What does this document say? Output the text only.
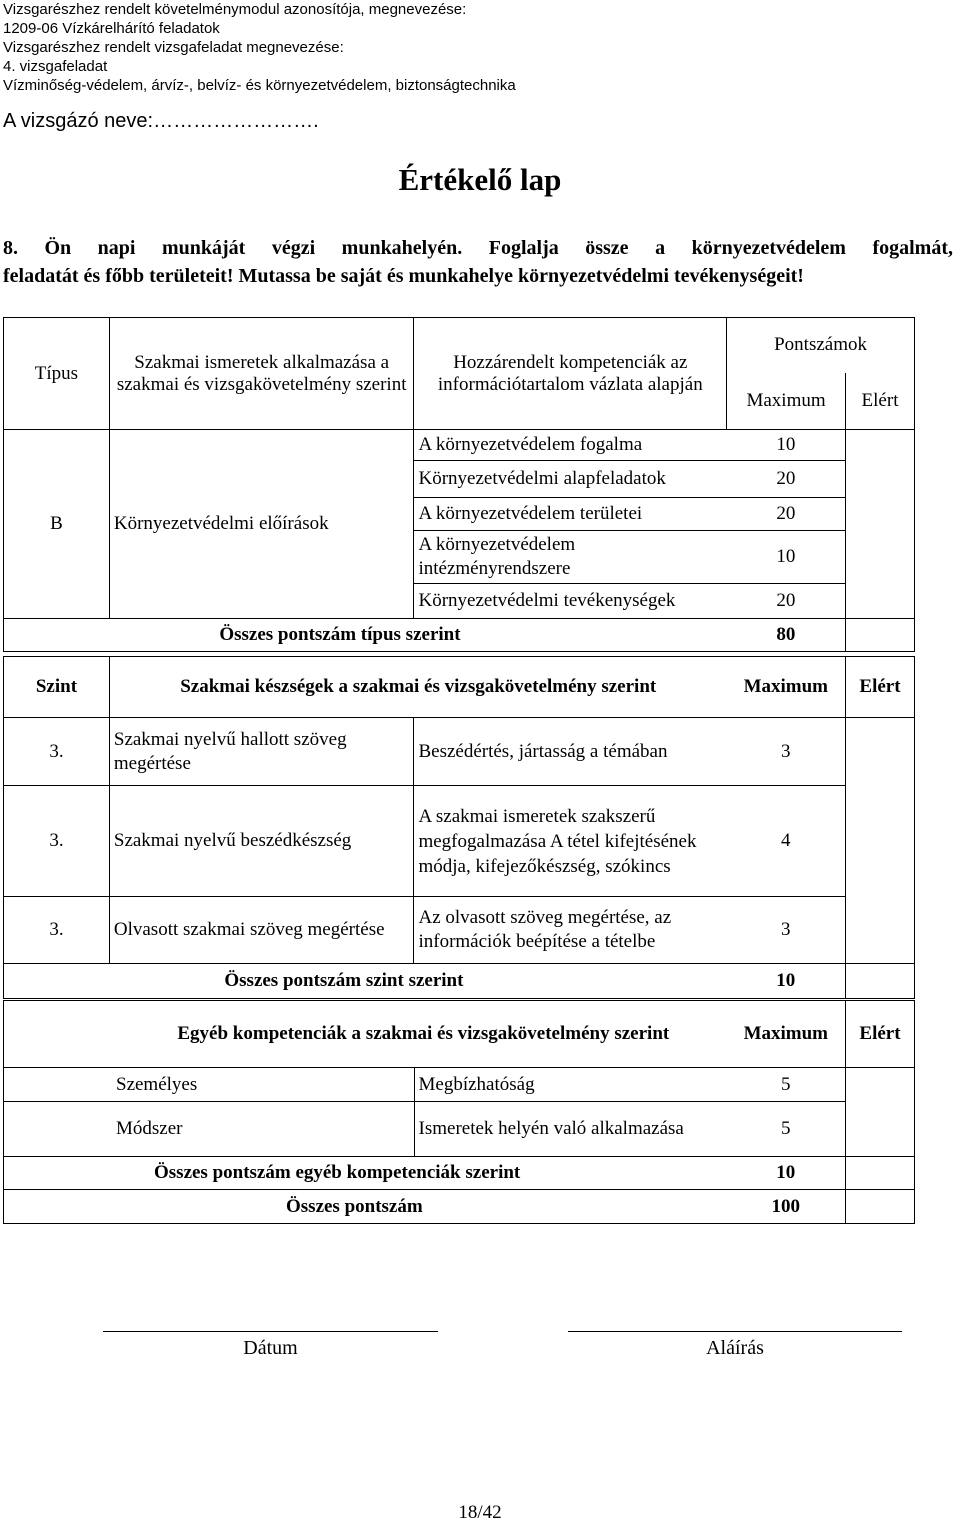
Vizsgarészhez rendelt követelménymodul azonosítója, megnevezése:
1209-06 Vízkárelhárító feladatok
Vizsgarészhez rendelt vizsgafeladat megnevezése:
4. vizsgafeladat
Vízminőség-védelem, árvíz-, belvíz- és környezetvédelem, biztonságtechnika
A vizsgázó neve:…………………….
Értékelő lap
8. Ön napi munkáját végzi munkahelyén. Foglalja össze a környezetvédelem fogalmát,
feladatát és főbb területeit! Mutassa be saját és munkahelye környezetvédelmi tevékenységeit!
Típus	Szakmai ismeretek alkalmazása a szakmai és vizsgakövetelmény szerint	Hozzárendelt kompetenciák az információtartalom vázlata alapján	Pontszámok	
			Maximum	Elért
B	Környezetvédelmi előírások	A környezetvédelem fogalma	10	
		Környezetvédelmi alapfeladatok	20	
		A környezetvédelem területei	20	
		A környezetvédelem intézményrendszere	10	
		Környezetvédelmi tevékenységek	20	
	Összes pontszám típus szerint		80	
Szint	Szakmai készségek a szakmai és vizsgakövetelmény szerint		Maximum	Elért
3.	Szakmai nyelvű hallott szöveg megértése	Beszédértés, jártasság a témában	3	
3.	Szakmai nyelvű beszédkészség	A szakmai ismeretek szakszerű megfogalmazása A tétel kifejtésének módja, kifejezőkészség, szókincs	4	
3.	Olvasott szakmai szöveg megértése	Az olvasott szöveg megértése, az információk beépítése a tételbe	3	
	Összes pontszám szint szerint		10	
Egyéb kompetenciák a szakmai és vizsgakövetelmény szerint		Maximum	Elért
Személyes	Megbízhatóság	5	
Módszer	Ismeretek helyén való alkalmazása	5	
Összes pontszám egyéb kompetenciák szerint		10	
Összes pontszám		100	
Dátum	Aláírás
18/42
